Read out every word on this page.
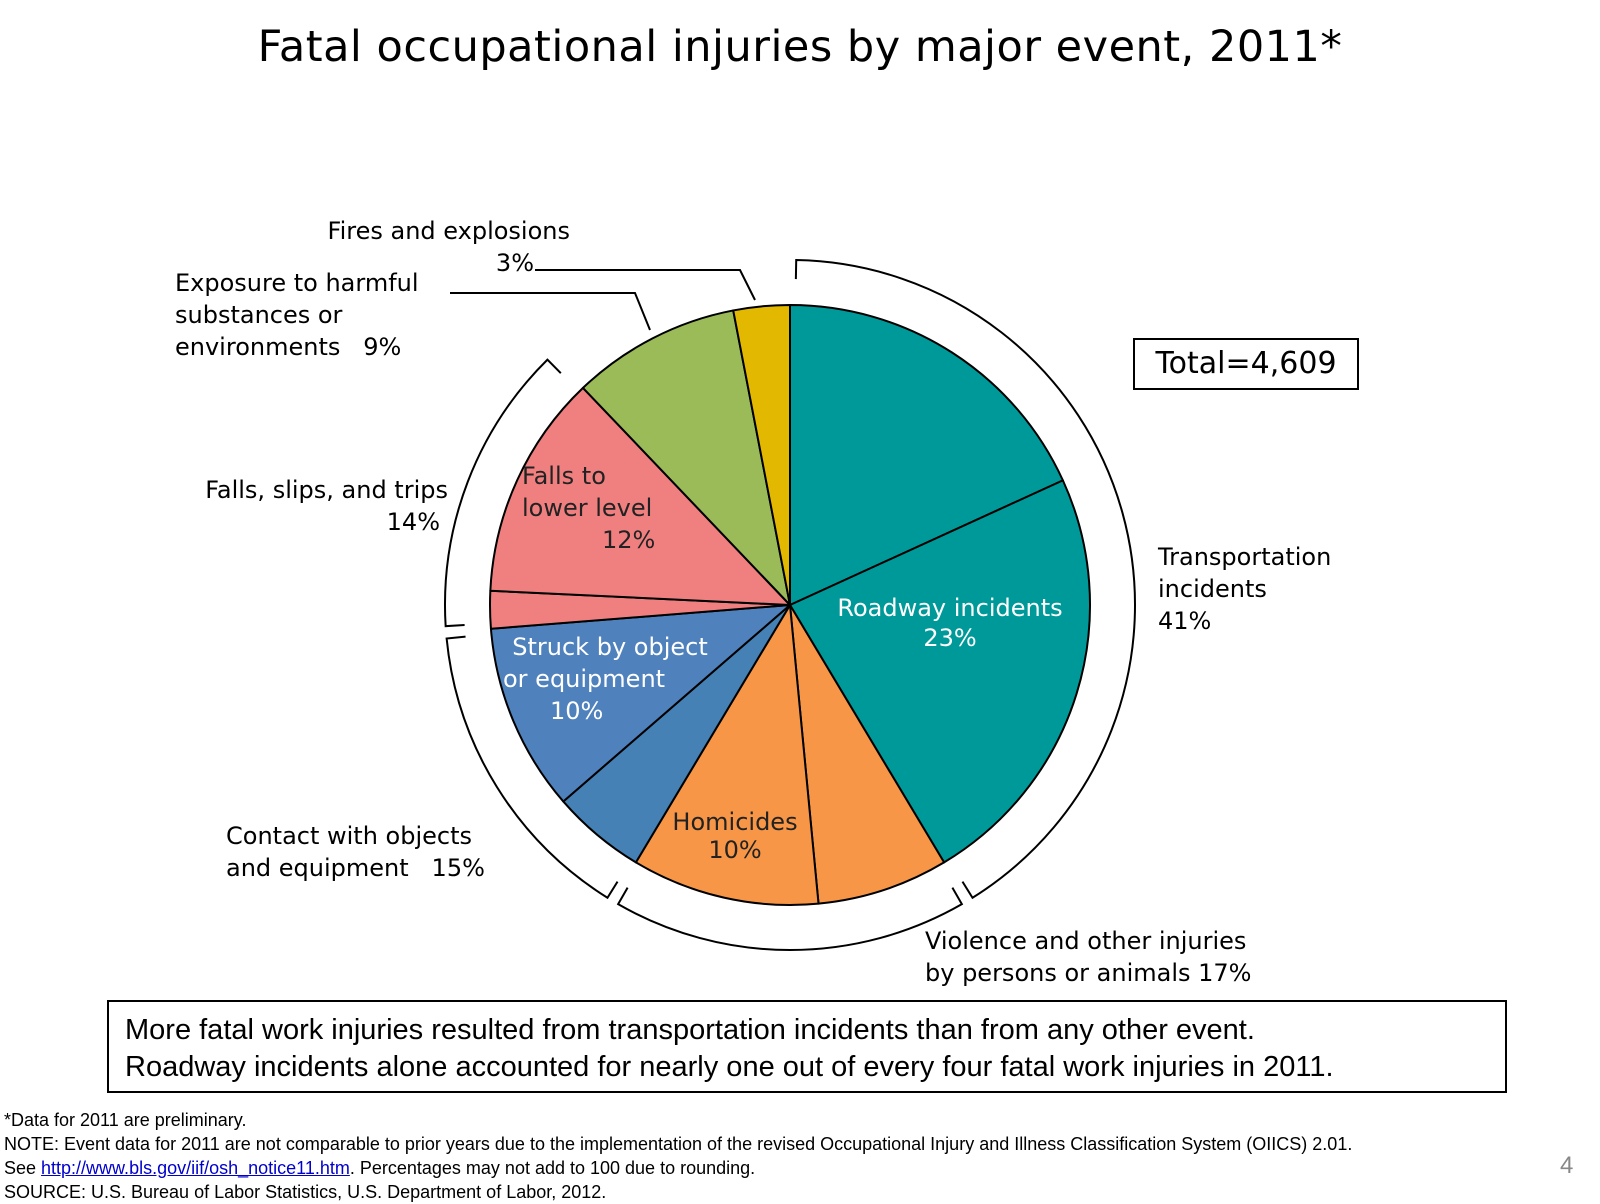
Fatal occupational injuries by major event, 2011*
Fires and explosions
3%
Exposure to harmful
substances or
environments   9%
Falls, slips, and trips
14%
Contact with objects
and equipment   15%
Transportation
incidents
41%
Violence and other injuries
by persons or animals 17%
Falls to
lower level
12%
Struck by object
or equipment
10%
Homicides
10%
Roadway incidents
23%
Total=4,609
More fatal work injuries resulted from transportation incidents than from any other event.
Roadway incidents alone accounted for nearly one out of every four fatal work injuries in 2011.
*Data for 2011 are preliminary.
NOTE: Event data for 2011 are not comparable to prior years due to the implementation of the revised Occupational Injury and Illness Classification System (OIICS) 2.01.
See http://www.bls.gov/iif/osh_notice11.htm. Percentages may not add to 100 due to rounding.
SOURCE: U.S. Bureau of Labor Statistics, U.S. Department of Labor, 2012.
4
